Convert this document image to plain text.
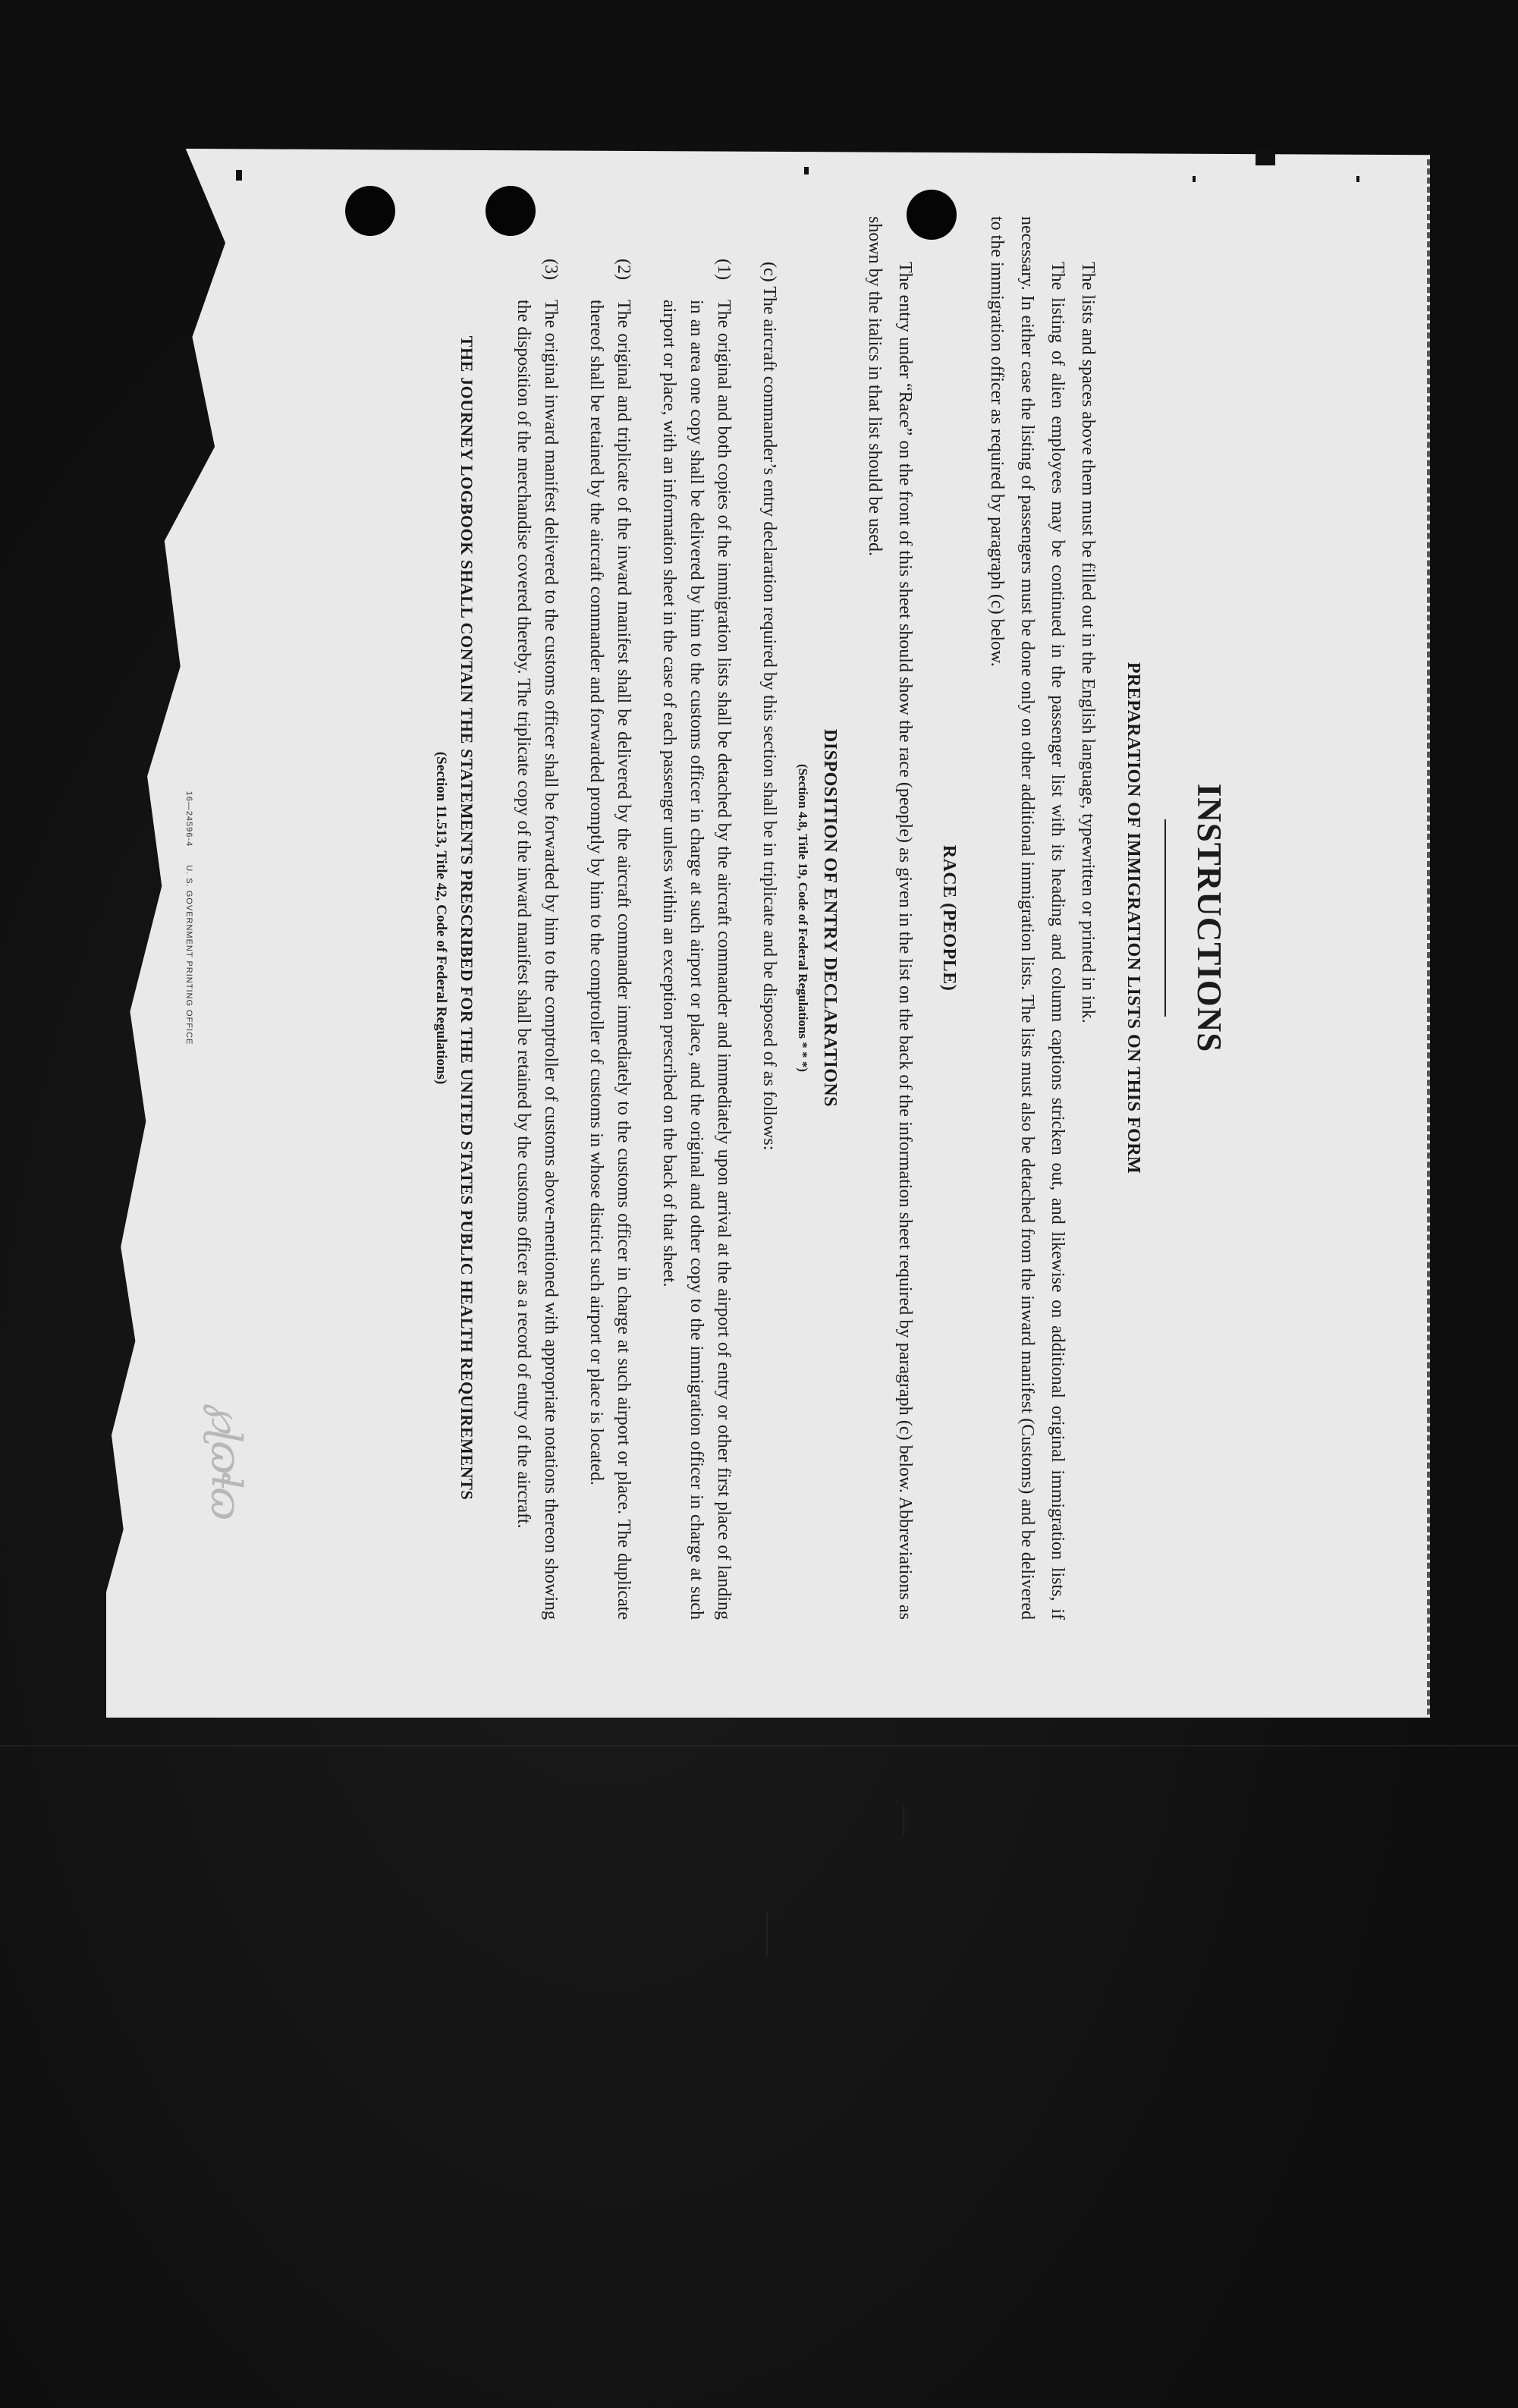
INSTRUCTIONS

PREPARATION OF IMMIGRATION LISTS ON THIS FORM

The lists and spaces above them must be filled out in the English language, typewritten or printed in ink.

The listing of alien employees may be continued in the passenger list with its heading and column captions stricken out, and likewise on additional original immigration lists, if necessary. In either case the listing of passengers must be done only on other additional immigration lists. The lists must also be detached from the inward manifest (Customs) and be delivered to the immigration officer as required by paragraph (c) below.

RACE (PEOPLE)

The entry under “Race” on the front of this sheet should show the race (people) as given in the list on the back of the information sheet required by paragraph (c) below. Abbreviations as shown by the italics in that list should be used.

DISPOSITION OF ENTRY DECLARATIONS

(Section 4.8, Title 19, Code of Federal Regulations * * *)

(c) The aircraft commander’s entry declaration required by this section shall be in triplicate and be disposed of as follows:

(1)
The original and both copies of the immigration lists shall be detached by the aircraft commander and immediately upon arrival at the airport of entry or other first place of landing in an area one copy shall be delivered by him to the customs officer in charge at such airport or place, and the original and other copy to the immigration officer in charge at such airport or place, with an information sheet in the case of each passenger unless within an exception prescribed on the back of that sheet.
(2)
The original and triplicate of the inward manifest shall be delivered by the aircraft commander immediately to the customs officer in charge at such airport or place. The duplicate thereof shall be retained by the aircraft commander and forwarded promptly by him to the comptroller of customs in whose district such airport or place is located.
(3)
The original inward manifest delivered to the customs officer shall be forwarded by him to the comptroller of customs above-mentioned with appropriate notations thereon showing the disposition of the merchandise covered thereby. The triplicate copy of the inward manifest shall be retained by the customs officer as a record of entry of the aircraft.

THE JOURNEY LOGBOOK SHALL CONTAIN THE STATEMENTS PRESCRIBED FOR THE UNITED STATES PUBLIC HEALTH REQUIREMENTS

(Section 11.513, Title 42, Code of Federal Regulations)

16—24596-4 U. S. GOVERNMENT PRINTING OFFICE
℘ɭɷɬɷ
